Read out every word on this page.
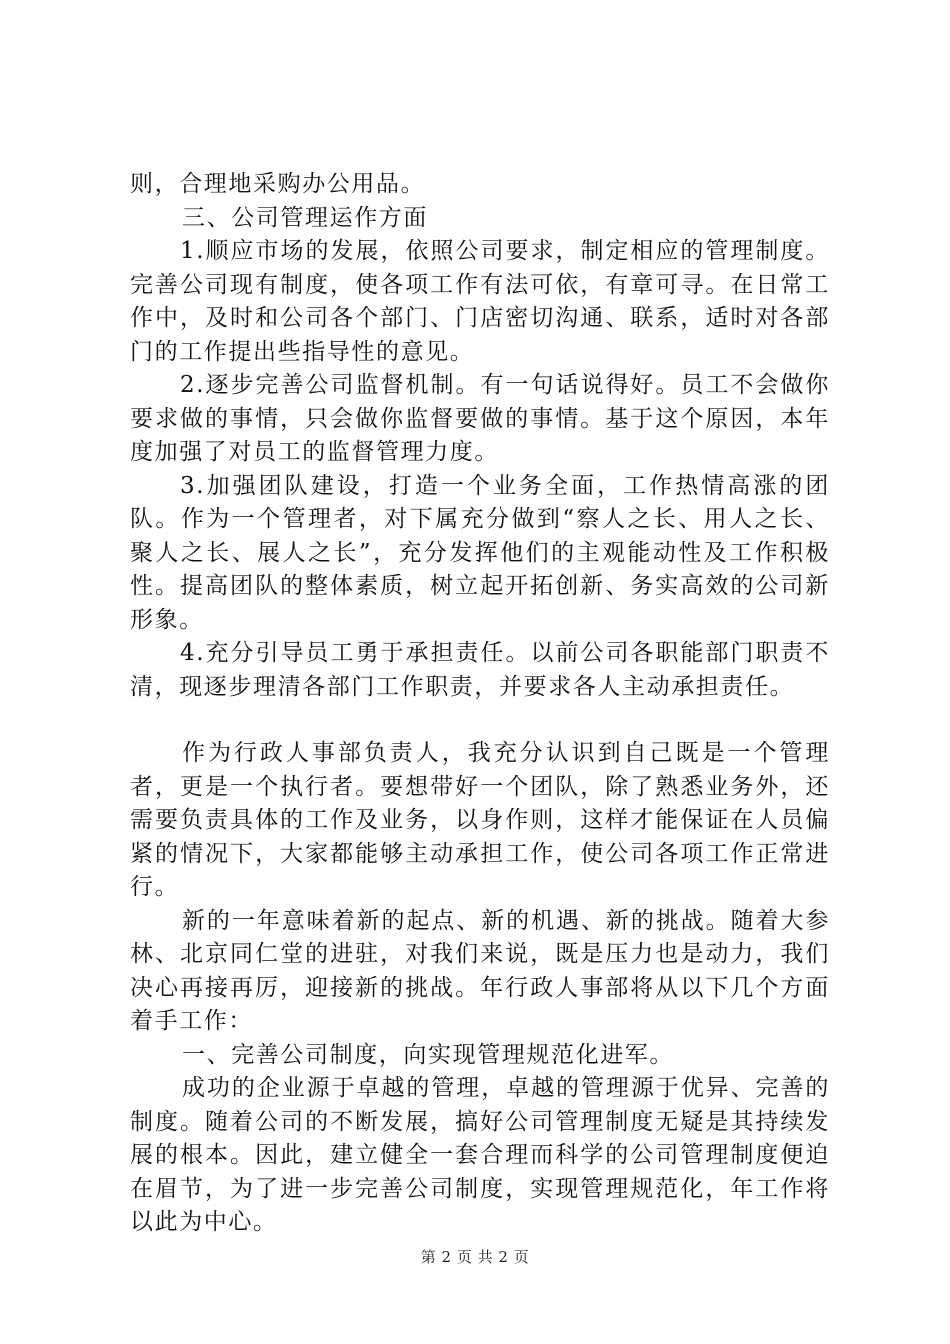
则，合理地采购办公用品。

三、公司管理运作方面

1.顺应市场的发展，依照公司要求，制定相应的管理制度。完善公司现有制度，使各项工作有法可依，有章可寻。在日常工作中，及时和公司各个部门、门店密切沟通、联系，适时对各部门的工作提出些指导性的意见。

2.逐步完善公司监督机制。有一句话说得好。员工不会做你要求做的事情，只会做你监督要做的事情。基于这个原因，本年度加强了对员工的监督管理力度。

3.加强团队建设，打造一个业务全面，工作热情高涨的团队。作为一个管理者，对下属充分做到“察人之长、用人之长、聚人之长、展人之长”，充分发挥他们的主观能动性及工作积极性。提高团队的整体素质，树立起开拓创新、务实高效的公司新形象。

4.充分引导员工勇于承担责任。以前公司各职能部门职责不清，现逐步理清各部门工作职责，并要求各人主动承担责任。

作为行政人事部负责人，我充分认识到自己既是一个管理者，更是一个执行者。要想带好一个团队，除了熟悉业务外，还需要负责具体的工作及业务，以身作则，这样才能保证在人员偏紧的情况下，大家都能够主动承担工作，使公司各项工作正常进行。

新的一年意味着新的起点、新的机遇、新的挑战。随着大参林、北京同仁堂的进驻，对我们来说，既是压力也是动力，我们决心再接再厉，迎接新的挑战。年行政人事部将从以下几个方面着手工作：

一、完善公司制度，向实现管理规范化进军。

成功的企业源于卓越的管理，卓越的管理源于优异、完善的制度。随着公司的不断发展，搞好公司管理制度无疑是其持续发展的根本。因此，建立健全一套合理而科学的公司管理制度便迫在眉节，为了进一步完善公司制度，实现管理规范化，年工作将以此为中心。

第 2 页 共 2 页
